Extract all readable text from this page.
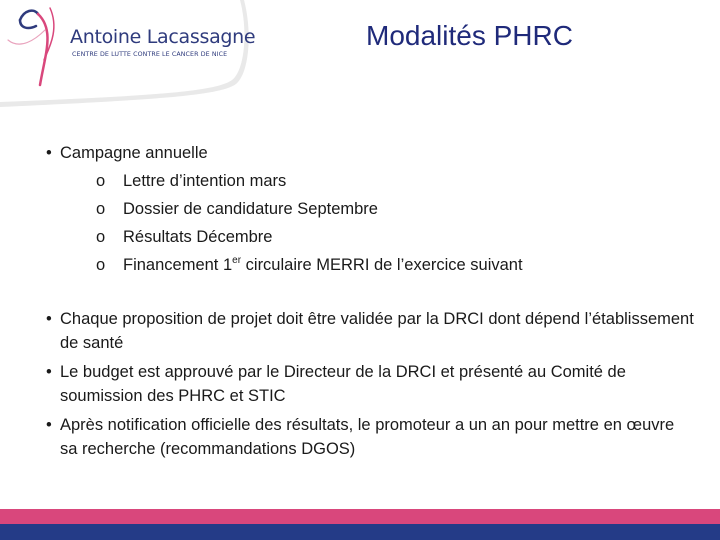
Antoine Lacassagne
CENTRE DE LUTTE CONTRE LE CANCER DE NICE
Modalités PHRC
• Campagne annuelle
o Lettre d’intention mars
o Dossier de candidature Septembre
o Résultats Décembre
o Financement 1er circulaire MERRI de l’exercice suivant
• Chaque proposition de projet doit être validée par la DRCI dont dépend l’établissement de santé
• Le budget est approuvé par le Directeur de la DRCI et présenté au Comité de soumission des PHRC et STIC
• Après notification officielle des résultats, le promoteur a un an pour mettre en œuvre sa recherche (recommandations DGOS)
